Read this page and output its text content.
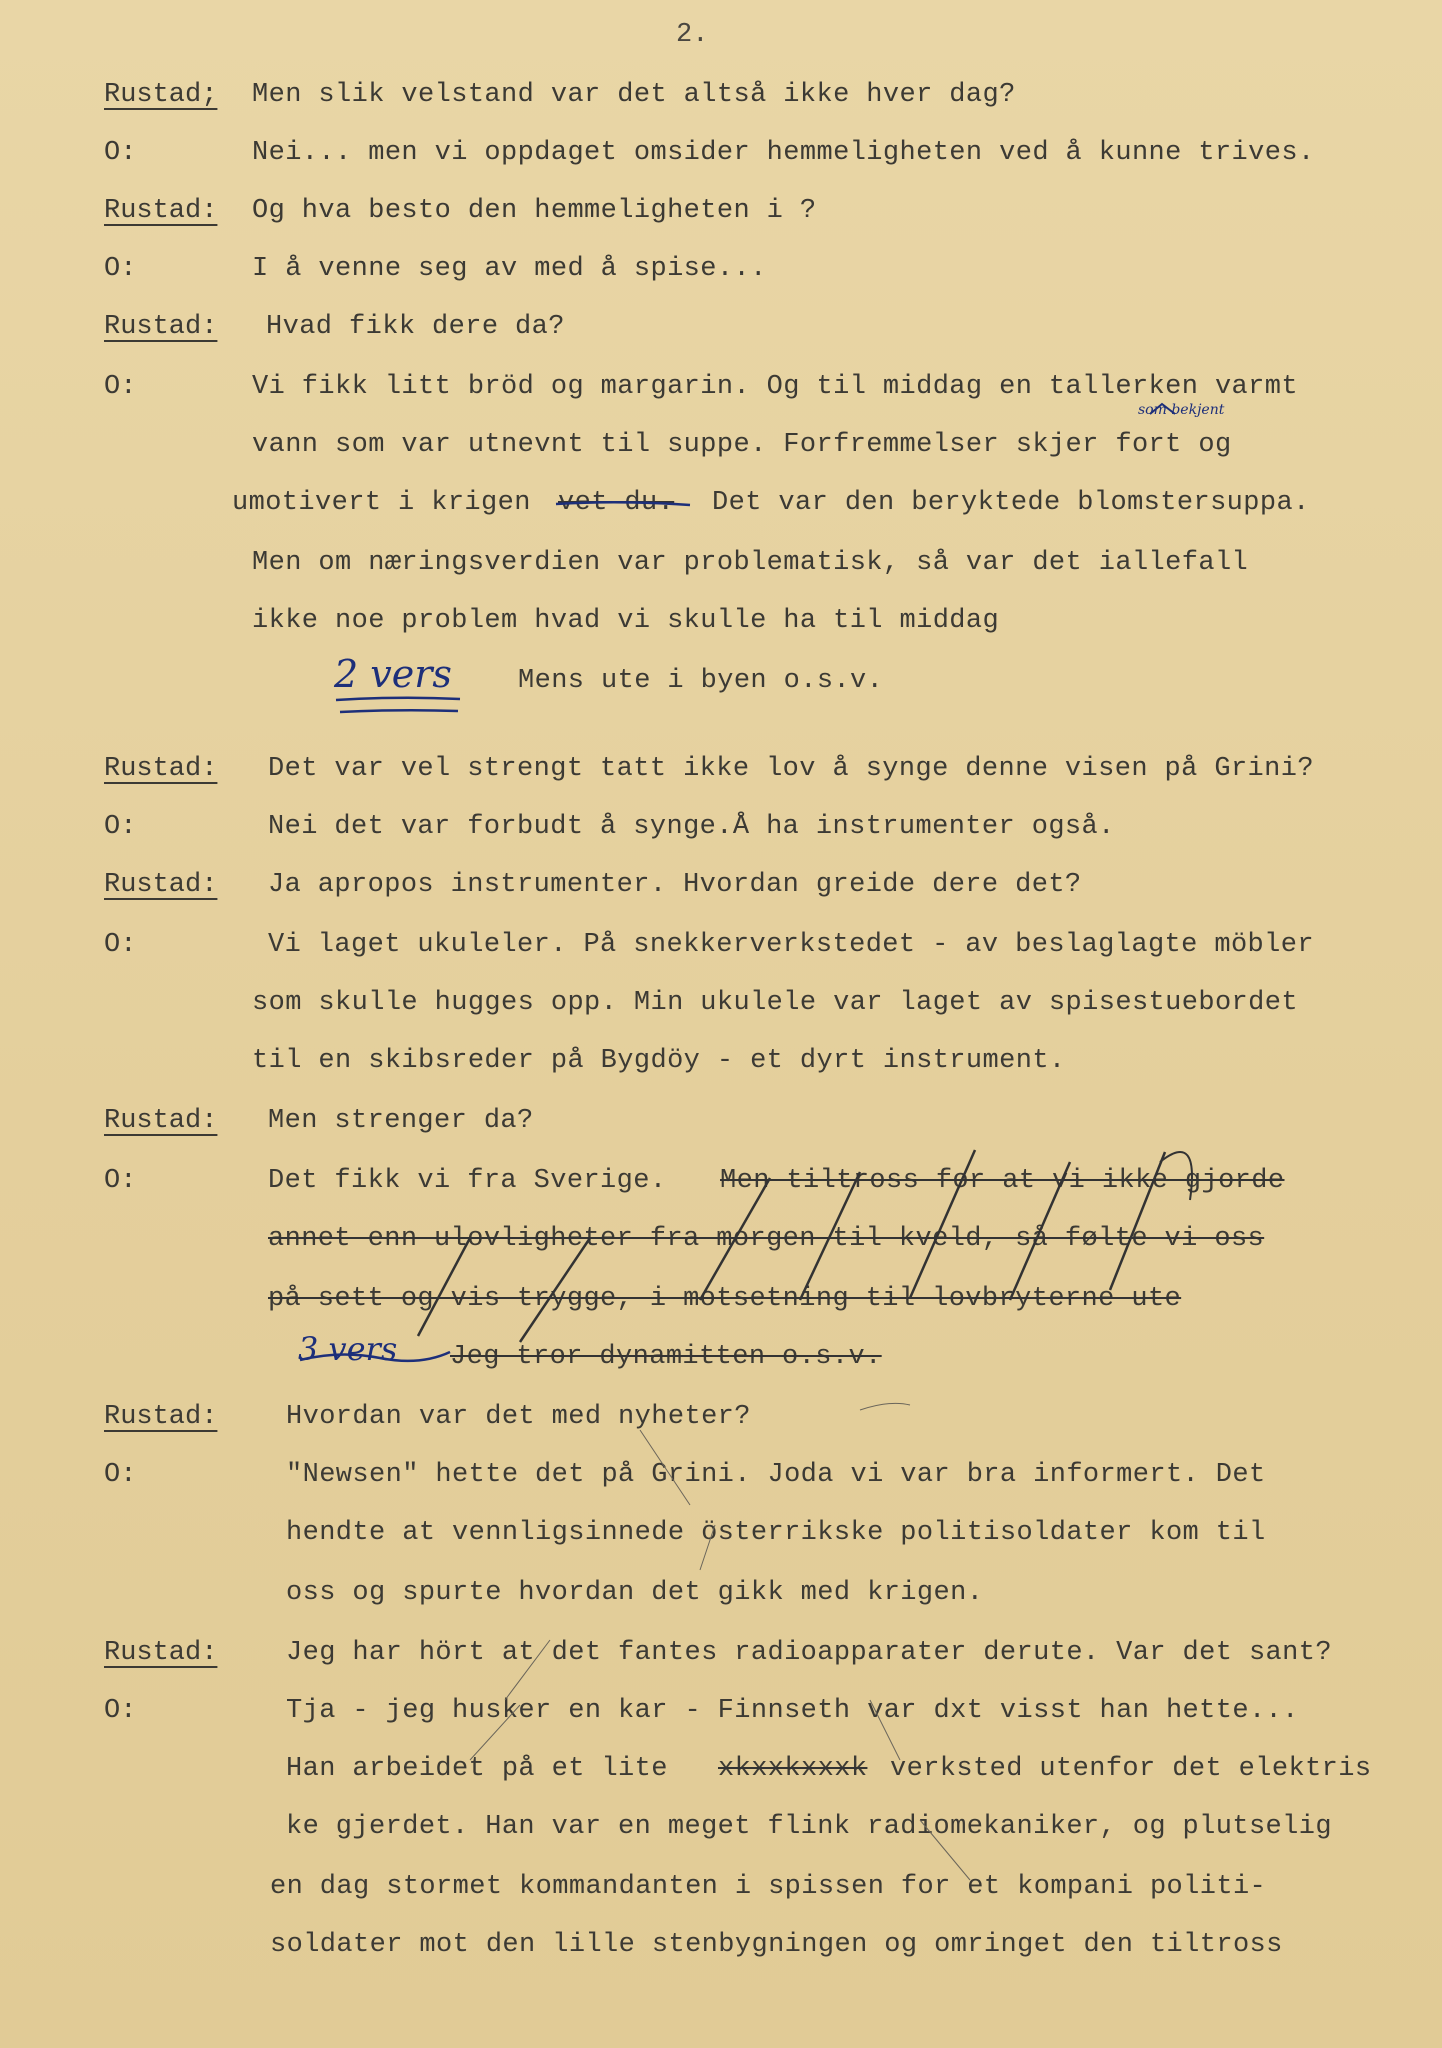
2.
Rustad;
O:
Rustad:
O:
Rustad:
O:
Rustad:
O:
Rustad:
O:
Rustad:
O:
Rustad:
O:
Rustad:
O:
Men slik velstand var det altså ikke hver dag?
Nei... men vi oppdaget omsider hemmeligheten ved å kunne trives.
Og hva besto den hemmeligheten i ?
I å venne seg av med å spise...
Hvad fikk dere da?
Vi fikk litt bröd og margarin. Og til middag en tallerken varmt
vann som var utnevnt til suppe. Forfremmelser skjer fort og
umotivert i krigen vet du. Det var den beryktede blomstersuppa.
Men om næringsverdien var problematisk, så var det iallefall
ikke noe problem hvad vi skulle ha til middag
Mens ute i byen o.s.v.
Det var vel strengt tatt ikke lov å synge denne visen på Grini?
Nei det var forbudt å synge.Å ha instrumenter også.
Ja apropos instrumenter. Hvordan greide dere det?
Vi laget ukuleler. På snekkerverkstedet - av beslaglagte möbler
som skulle hugges opp. Min ukulele var laget av spisestuebordet
til en skibsreder på Bygdöy - et dyrt instrument.
Men strenger da?
Det fikk vi fra Sverige. Men tiltross for at vi ikke gjorde
annet enn ulovligheter fra morgen til kveld, så følte vi oss
på sett og vis trygge, i motsetning til lovbryterne ute
Jeg tror dynamitten o.s.v.
Hvordan var det med nyheter?
"Newsen" hette det på Grini. Joda vi var bra informert. Det
hendte at vennligsinnede österrikske politisoldater kom til
oss og spurte hvordan det gikk med krigen.
Jeg har hört at det fantes radioapparater derute. Var det sant?
Tja - jeg husker en kar - Finnseth var dxt visst han hette...
Han arbeidet på et lite xkxxkxxxk verksted utenfor det elektris
ke gjerdet. Han var en meget flink radiomekaniker, og plutselig
en dag stormet kommandanten i spissen for et kompani politi-
soldater mot den lille stenbygningen og omringet den tiltross
2 vers
3 vers
som bekjent
